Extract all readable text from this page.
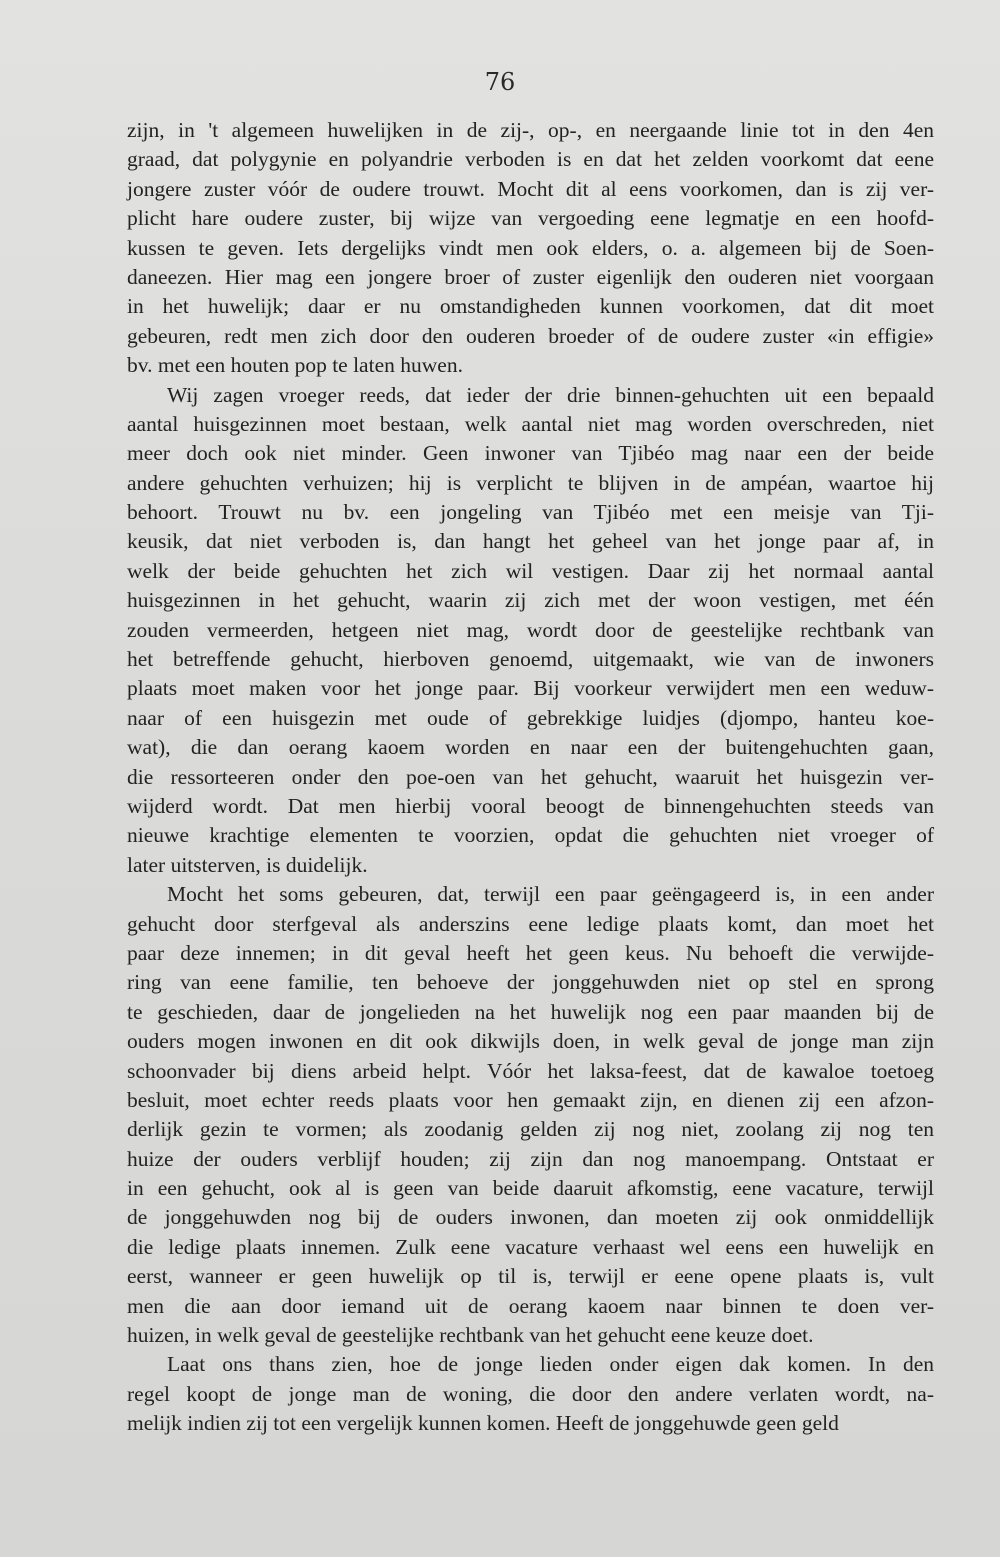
76
zijn, in 't algemeen huwelijken in de zij-, op-, en neergaande linie tot in den 4en
graad, dat polygynie en polyandrie verboden is en dat het zelden voorkomt dat eene
jongere zuster vóór de oudere trouwt. Mocht dit al eens voorkomen, dan is zij ver-
plicht hare oudere zuster, bij wijze van vergoeding eene legmatje en een hoofd-
kussen te geven. Iets dergelijks vindt men ook elders, o. a. algemeen bij de Soen-
daneezen. Hier mag een jongere broer of zuster eigenlijk den ouderen niet voorgaan
in het huwelijk; daar er nu omstandigheden kunnen voorkomen, dat dit moet
gebeuren, redt men zich door den ouderen broeder of de oudere zuster «in effigie»
bv. met een houten pop te laten huwen.
Wij zagen vroeger reeds, dat ieder der drie binnen-gehuchten uit een bepaald
aantal huisgezinnen moet bestaan, welk aantal niet mag worden overschreden, niet
meer doch ook niet minder. Geen inwoner van Tjibéo mag naar een der beide
andere gehuchten verhuizen; hij is verplicht te blijven in de ampéan, waartoe hij
behoort. Trouwt nu bv. een jongeling van Tjibéo met een meisje van Tji-
keusik, dat niet verboden is, dan hangt het geheel van het jonge paar af, in
welk der beide gehuchten het zich wil vestigen. Daar zij het normaal aantal
huisgezinnen in het gehucht, waarin zij zich met der woon vestigen, met één
zouden vermeerden, hetgeen niet mag, wordt door de geestelijke rechtbank van
het betreffende gehucht, hierboven genoemd, uitgemaakt, wie van de inwoners
plaats moet maken voor het jonge paar. Bij voorkeur verwijdert men een weduw-
naar of een huisgezin met oude of gebrekkige luidjes (djompo, hanteu koe-
wat), die dan oerang kaoem worden en naar een der buitengehuchten gaan,
die ressorteeren onder den poe-oen van het gehucht, waaruit het huisgezin ver-
wijderd wordt. Dat men hierbij vooral beoogt de binnengehuchten steeds van
nieuwe krachtige elementen te voorzien, opdat die gehuchten niet vroeger of
later uitsterven, is duidelijk.
Mocht het soms gebeuren, dat, terwijl een paar geëngageerd is, in een ander
gehucht door sterfgeval als anderszins eene ledige plaats komt, dan moet het
paar deze innemen; in dit geval heeft het geen keus. Nu behoeft die verwijde-
ring van eene familie, ten behoeve der jonggehuwden niet op stel en sprong
te geschieden, daar de jongelieden na het huwelijk nog een paar maanden bij de
ouders mogen inwonen en dit ook dikwijls doen, in welk geval de jonge man zijn
schoonvader bij diens arbeid helpt. Vóór het laksa-feest, dat de kawaloe toetoeg
besluit, moet echter reeds plaats voor hen gemaakt zijn, en dienen zij een afzon-
derlijk gezin te vormen; als zoodanig gelden zij nog niet, zoolang zij nog ten
huize der ouders verblijf houden; zij zijn dan nog manoempang. Ontstaat er
in een gehucht, ook al is geen van beide daaruit afkomstig, eene vacature, terwijl
de jonggehuwden nog bij de ouders inwonen, dan moeten zij ook onmiddellijk
die ledige plaats innemen. Zulk eene vacature verhaast wel eens een huwelijk en
eerst, wanneer er geen huwelijk op til is, terwijl er eene opene plaats is, vult
men die aan door iemand uit de oerang kaoem naar binnen te doen ver-
huizen, in welk geval de geestelijke rechtbank van het gehucht eene keuze doet.
Laat ons thans zien, hoe de jonge lieden onder eigen dak komen. In den
regel koopt de jonge man de woning, die door den andere verlaten wordt, na-
melijk indien zij tot een vergelijk kunnen komen. Heeft de jonggehuwde geen geld
